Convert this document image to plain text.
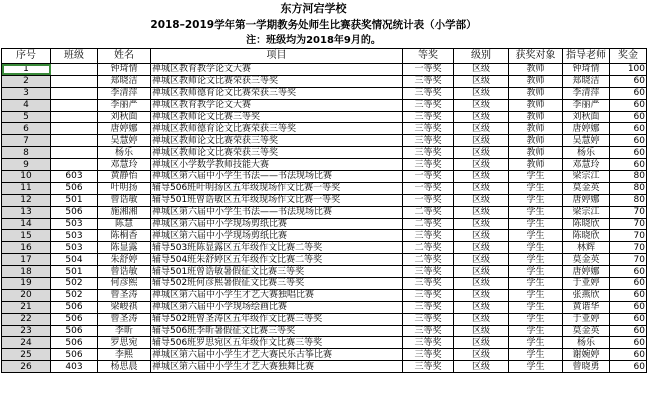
东方河宕学校
2018–2019学年第一学期教务处师生比赛获奖情况统计表（小学部）
注：班级均为2018年9月的。
序号	班级	姓名	项目	等奖	级别	获奖对象	指导老师	奖金
1		钟琦情	禅城区教育教学论文大赛	一等奖	区级	教师	钟琦情	100
2		郑晓洁	禅城区教师论文比赛荣获三等奖	三等奖	区级	教师	郑晓洁	60
3		李清萍	禅城区教师德育论文比赛荣获三等奖	三等奖	区级	教师	李清萍	60
4		李丽严	禅城区教育教学论文大赛	三等奖	区级	教师	李丽严	60
5		刘秋面	禅城区教师论文比赛三等奖	三等奖	区级	教师	刘秋面	60
6		唐婷娜	禅城区教师德育论文比赛荣获三等奖	三等奖	区级	教师	唐婷娜	60
7		吴慧婷	禅城区教师论文比赛荣获三等奖	三等奖	区级	教师	吴慧婷	60
8		杨乐	禅城区教师论文比赛荣获三等奖	三等奖	区级	教师	杨乐	60
9		邓慧玲	禅城区小学数学教师技能大赛	三等奖	区级	教师	邓慧玲	60
10	603	黄静怡	禅城区第六届中小学生书法——书法现场比赛	一等奖	区级	学生	梁宗江	80
11	506	叶明扬	辅导506班叶明扬区五年级现场作文比赛一等奖	一等奖	区级	学生	莫金英	80
12	501	曾诰敏	辅导501班曾诰敏区五年级现场作文比赛一等奖	一等奖	区级	学生	唐婷娜	80
13	506	施湘湘	禅城区第六届中小学生书法——书法现场比赛	二等奖	区级	学生	梁宗江	70
14	503	陈慧	禅城区第六届中小学现场剪纸比赛	二等奖	区级	学生	陈晓欣	70
15	503	陈桐香	禅城区第六届中小学现场剪纸比赛	三等奖	区级	学生	陈晓欣	70
16	503	陈显露	辅导503班陈显露区五年级作文比赛二等奖	二等奖	区级	学生	林辉	70
17	504	朱舒婷	辅导504班朱舒婷区五年级作文比赛二等奖	二等奖	区级	学生	莫金英	70
18	501	曾诰敏	辅导501班曾诰敏暑假征文比赛三等奖	三等奖	区级	学生	唐婷娜	60
19	502	何彦熙	辅导502班何彦熙暑假征文比赛三等奖	三等奖	区级	学生	于亚婷	60
20	502	曾圣涛	禅城区第六届中小学生才艺大赛独唱比赛	三等奖	区级	学生	张燕欣	60
21	506	梁峻祺	禅城区第六届中小学现场绘画比赛	三等奖	区级	学生	黄谐华	60
22	506	曾圣涛	辅导502班曾圣涛区五年级作文比赛三等奖	三等奖	区级	学生	于亚婷	60
23	506	李昕	辅导506班李昕暑假征文比赛三等奖	三等奖	区级	学生	莫金英	60
24	506	罗思宛	辅导506班罗思宛区五年级作文比赛三等奖	三等奖	区级	学生	杨乐	60
25	506	李熙	禅城区第六届中小学生才艺大赛民乐古筝比赛	三等奖	区级	学生	谢婉婷	60
26	403	杨思晨	禅城区第六届中小学生才艺大赛独舞比赛	三等奖	区级	学生	曾晓勇	60
